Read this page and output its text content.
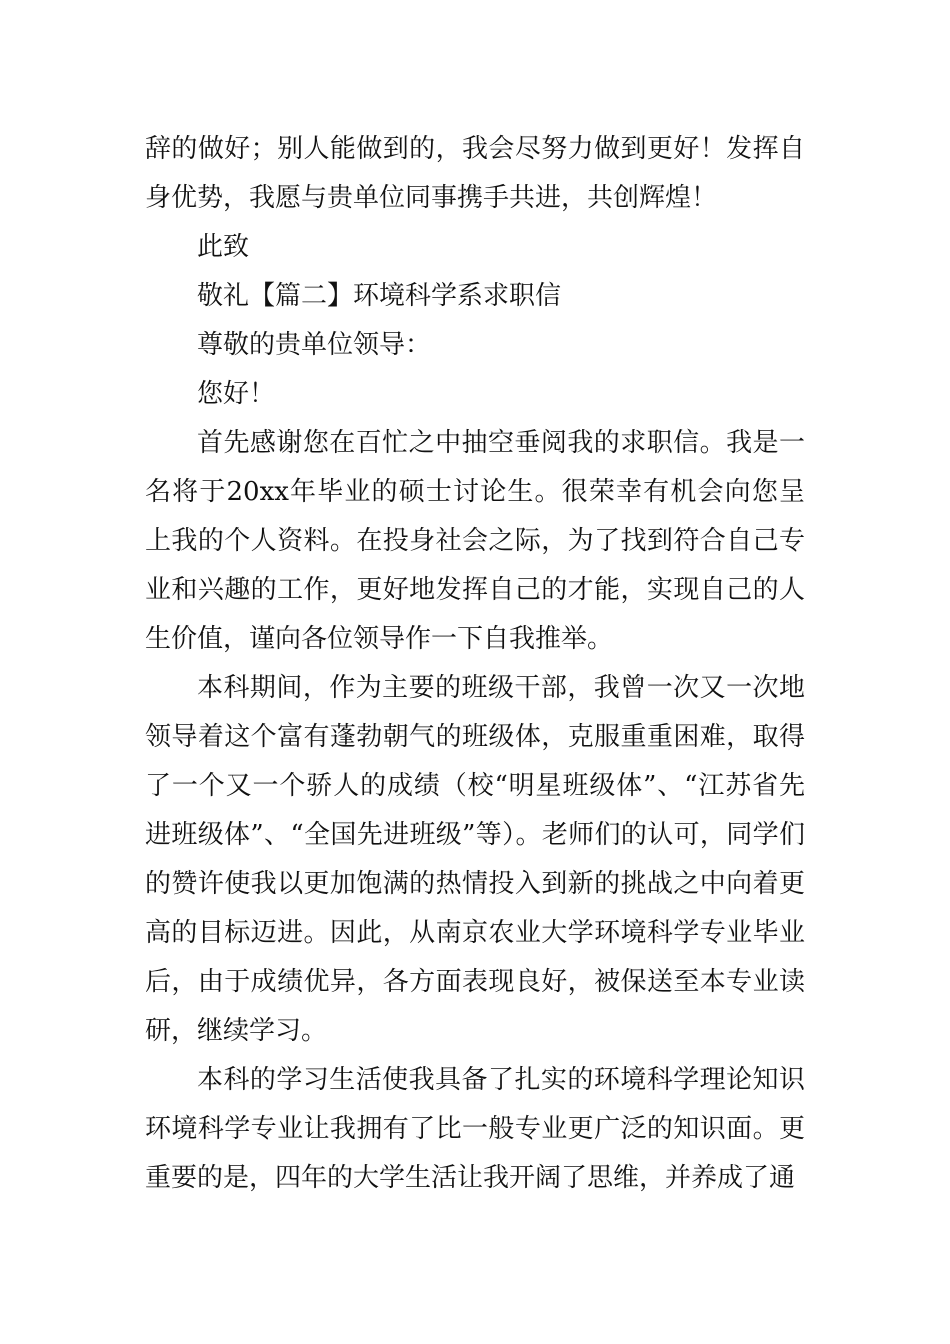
辞的做好；别人能做到的，我会尽努力做到更好！发挥自身优势，我愿与贵单位同事携手共进，共创辉煌！

此致

敬礼【篇二】环境科学系求职信

尊敬的贵单位领导：

您好！

首先感谢您在百忙之中抽空垂阅我的求职信。我是一名将于20xx年毕业的硕士讨论生。很荣幸有机会向您呈上我的个人资料。在投身社会之际，为了找到符合自己专业和兴趣的工作，更好地发挥自己的才能，实现自己的人生价值，谨向各位领导作一下自我推举。

本科期间，作为主要的班级干部，我曾一次又一次地领导着这个富有蓬勃朝气的班级体，克服重重困难，取得了一个又一个骄人的成绩（校“明星班级体”、“江苏省先进班级体”、“全国先进班级”等）。老师们的认可，同学们的赞许使我以更加饱满的热情投入到新的挑战之中向着更高的目标迈进。因此，从南京农业大学环境科学专业毕业后，由于成绩优异，各方面表现良好，被保送至本专业读研，继续学习。

本科的学习生活使我具备了扎实的环境科学理论知识环境科学专业让我拥有了比一般专业更广泛的知识面。更重要的是，四年的大学生活让我开阔了思维，并养成了通
